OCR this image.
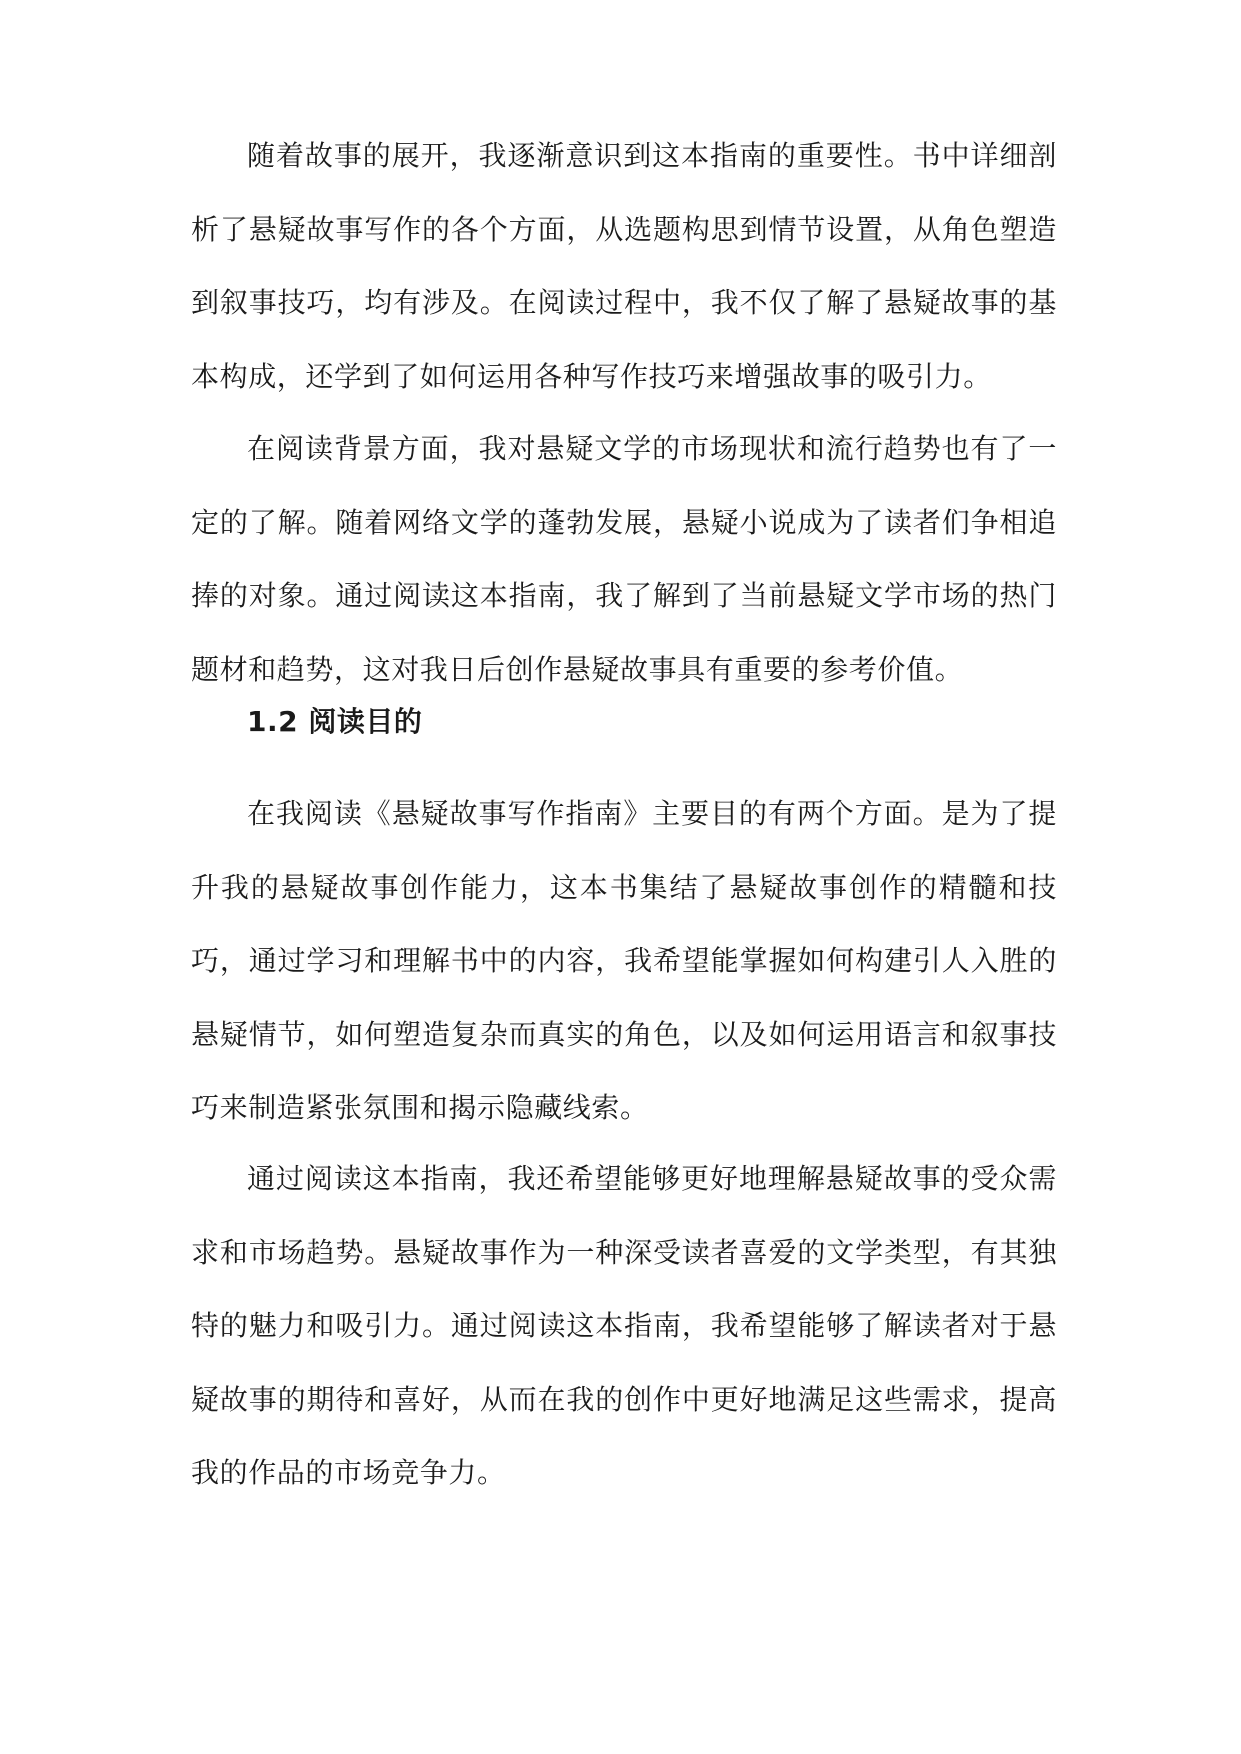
随着故事的展开，我逐渐意识到这本指南的重要性。书中详细剖析了悬疑故事写作的各个方面，从选题构思到情节设置，从角色塑造到叙事技巧，均有涉及。在阅读过程中，我不仅了解了悬疑故事的基本构成，还学到了如何运用各种写作技巧来增强故事的吸引力。

在阅读背景方面，我对悬疑文学的市场现状和流行趋势也有了一定的了解。随着网络文学的蓬勃发展，悬疑小说成为了读者们争相追捧的对象。通过阅读这本指南，我了解到了当前悬疑文学市场的热门题材和趋势，这对我日后创作悬疑故事具有重要的参考价值。

1.2 阅读目的

在我阅读《悬疑故事写作指南》主要目的有两个方面。是为了提升我的悬疑故事创作能力，这本书集结了悬疑故事创作的精髓和技巧，通过学习和理解书中的内容，我希望能掌握如何构建引人入胜的悬疑情节，如何塑造复杂而真实的角色，以及如何运用语言和叙事技巧来制造紧张氛围和揭示隐藏线索。

通过阅读这本指南，我还希望能够更好地理解悬疑故事的受众需求和市场趋势。悬疑故事作为一种深受读者喜爱的文学类型，有其独特的魅力和吸引力。通过阅读这本指南，我希望能够了解读者对于悬疑故事的期待和喜好，从而在我的创作中更好地满足这些需求，提高我的作品的市场竞争力。
